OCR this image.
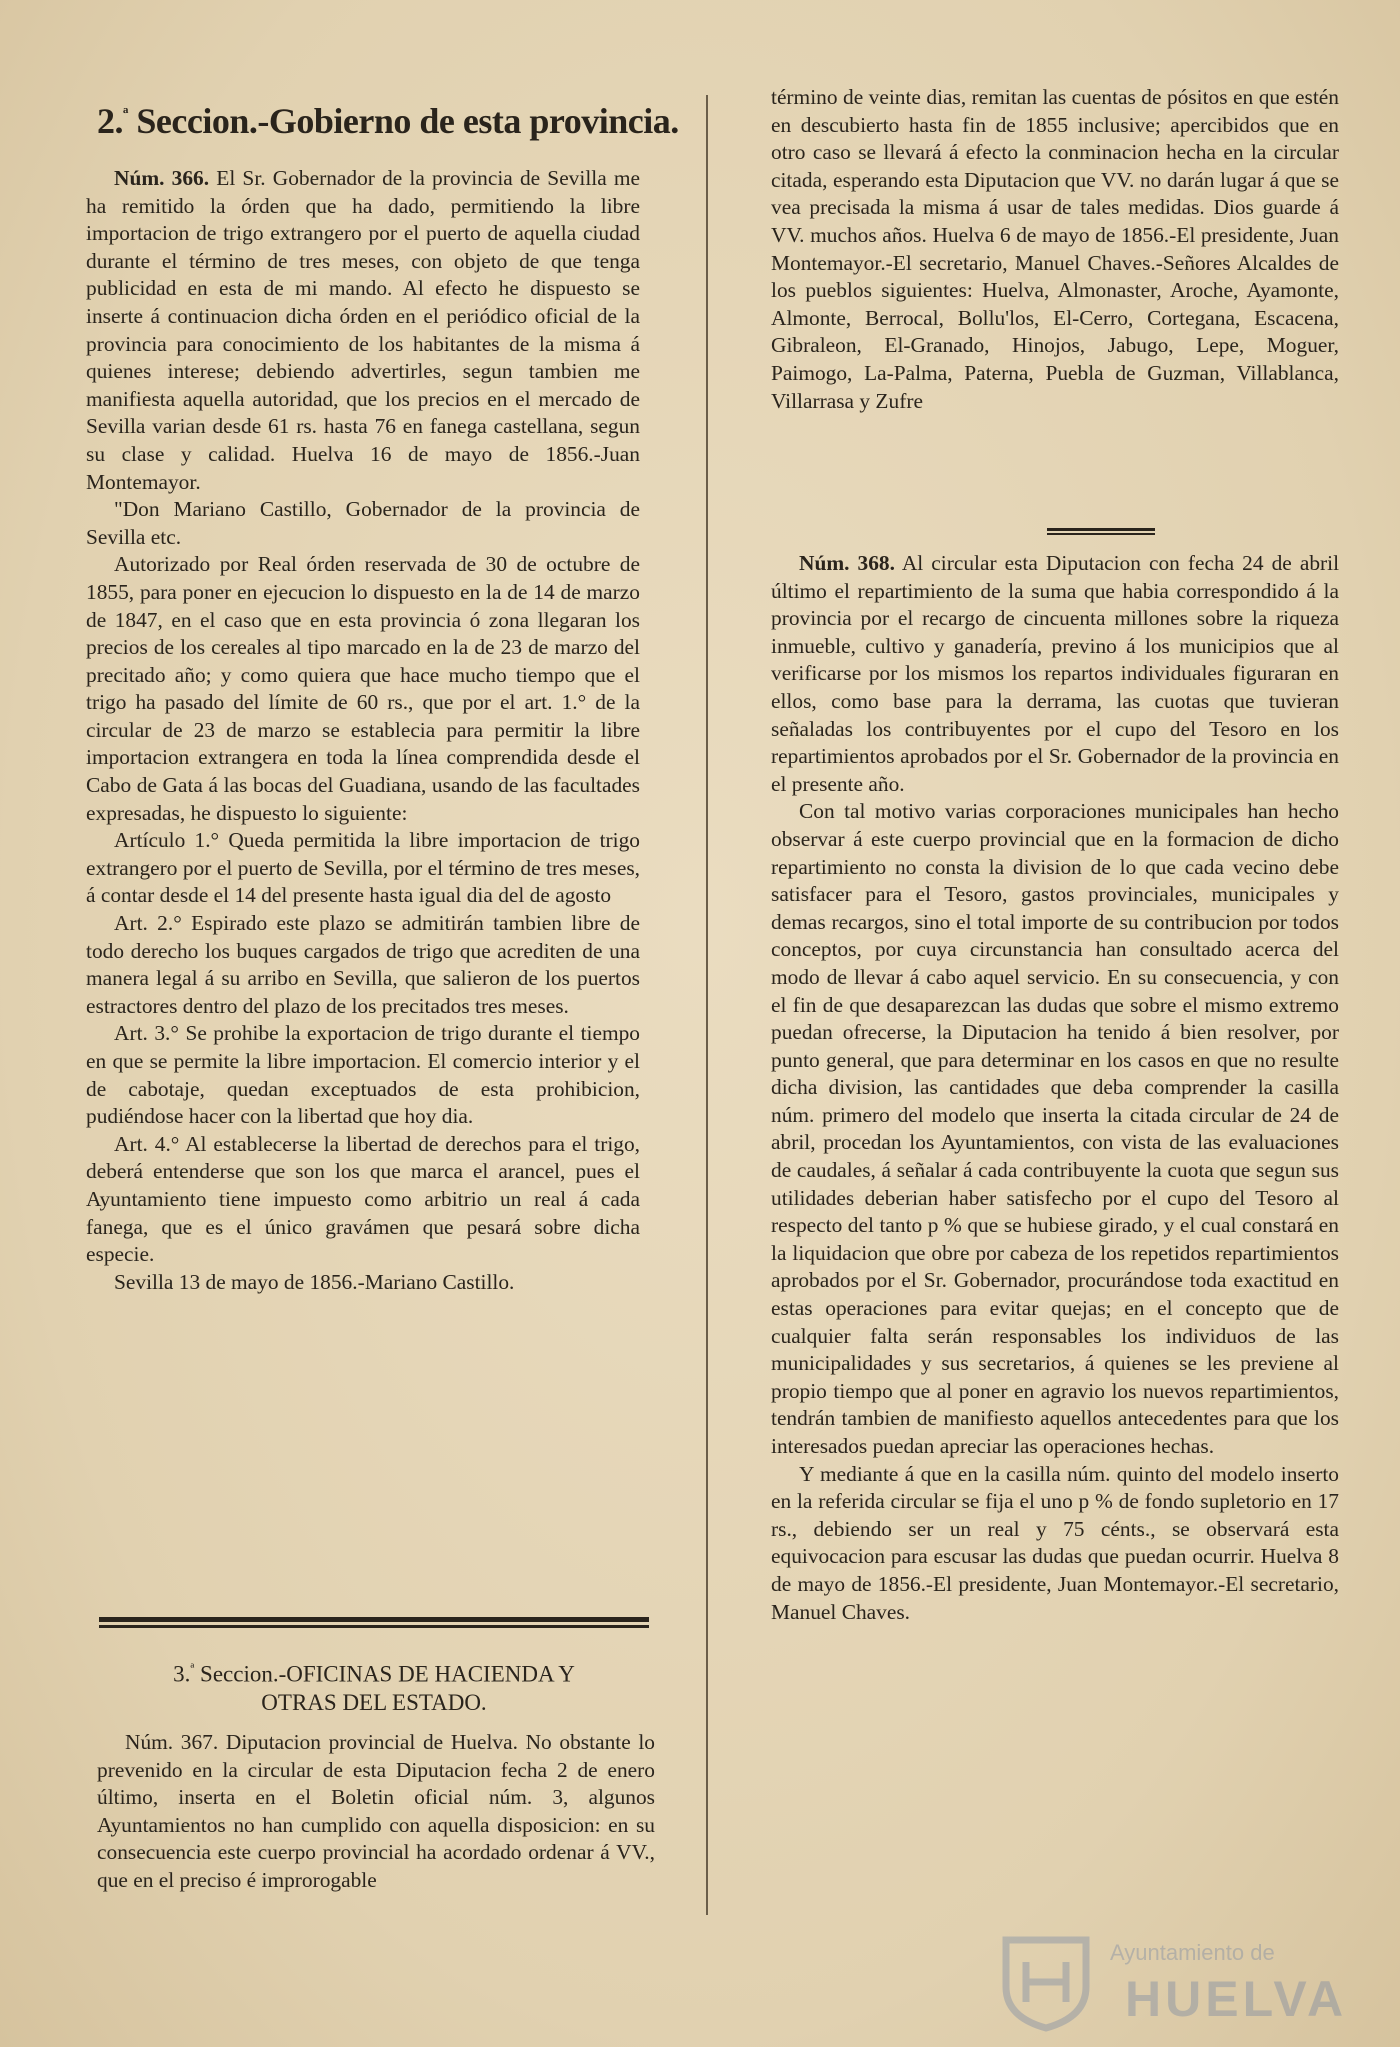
2.$^ª$ Seccion.-Gobierno de esta provincia.

Núm. 366. El Sr. Gobernador de la provincia de Sevilla me ha remitido la órden que ha dado, permitiendo la libre importacion de trigo extrangero por el puerto de aquella ciudad durante el término de tres meses, con objeto de que tenga publicidad en esta de mi mando. Al efecto he dispuesto se inserte á continuacion dicha órden en el periódico oficial de la provincia para conocimiento de los habitantes de la misma á quienes interese; debiendo advertirles, segun tambien me manifiesta aquella autoridad, que los precios en el mercado de Sevilla varian desde 61 rs. hasta 76 en fanega castellana, segun su clase y calidad. Huelva 16 de mayo de 1856.-Juan Montemayor.

"Don Mariano Castillo, Gobernador de la provincia de Sevilla etc.

Autorizado por Real órden reservada de 30 de octubre de 1855, para poner en ejecucion lo dispuesto en la de 14 de marzo de 1847, en el caso que en esta provincia ó zona llegaran los precios de los cereales al tipo marcado en la de 23 de marzo del precitado año; y como quiera que hace mucho tiempo que el trigo ha pasado del límite de 60 rs., que por el art. 1.° de la circular de 23 de marzo se establecia para permitir la libre importacion extrangera en toda la línea comprendida desde el Cabo de Gata á las bocas del Guadiana, usando de las facultades expresadas, he dispuesto lo siguiente:

Artículo 1.° Queda permitida la libre importacion de trigo extrangero por el puerto de Sevilla, por el término de tres meses, á contar desde el 14 del presente hasta igual dia del de agosto

Art. 2.° Espirado este plazo se admitirán tambien libre de todo derecho los buques cargados de trigo que acrediten de una manera legal á su arribo en Sevilla, que salieron de los puertos estractores dentro del plazo de los precitados tres meses.

Art. 3.° Se prohibe la exportacion de trigo durante el tiempo en que se permite la libre importacion. El comercio interior y el de cabotaje, quedan exceptuados de esta prohibicion, pudiéndose hacer con la libertad que hoy dia.

Art. 4.° Al establecerse la libertad de derechos para el trigo, deberá entenderse que son los que marca el arancel, pues el Ayuntamiento tiene impuesto como arbitrio un real á cada fanega, que es el único gravámen que pesará sobre dicha especie.

Sevilla 13 de mayo de 1856.-Mariano Castillo.

3.$^ª$ Seccion.-OFICINAS DE HACIENDA Y
OTRAS DEL ESTADO.

Núm. 367. Diputacion provincial de Huelva. No obstante lo prevenido en la circular de esta Diputacion fecha 2 de enero último, inserta en el Boletin oficial núm. 3, algunos Ayuntamientos no han cumplido con aquella disposicion: en su consecuencia este cuerpo provincial ha acordado ordenar á VV., que en el preciso é improrogable

término de veinte dias, remitan las cuentas de pósitos en que estén en descubierto hasta fin de 1855 inclusive; apercibidos que en otro caso se llevará á efecto la conminacion hecha en la circular citada, esperando esta Diputacion que VV. no darán lugar á que se vea precisada la misma á usar de tales medidas. Dios guarde á VV. muchos años. Huelva 6 de mayo de 1856.-El presidente, Juan Montemayor.-El secretario, Manuel Chaves.-Señores Alcaldes de los pueblos siguientes: Huelva, Almonaster, Aroche, Ayamonte, Almonte, Berrocal, Bollu'los, El-Cerro, Cortegana, Escacena, Gibraleon, El-Granado, Hinojos, Jabugo, Lepe, Moguer, Paimogo, La-Palma, Paterna, Puebla de Guzman, Villablanca, Villarrasa y Zufre

Núm. 368. Al circular esta Diputacion con fecha 24 de abril último el repartimiento de la suma que habia correspondido á la provincia por el recargo de cincuenta millones sobre la riqueza inmueble, cultivo y ganadería, previno á los municipios que al verificarse por los mismos los repartos individuales figuraran en ellos, como base para la derrama, las cuotas que tuvieran señaladas los contribuyentes por el cupo del Tesoro en los repartimientos aprobados por el Sr. Gobernador de la provincia en el presente año.

Con tal motivo varias corporaciones municipales han hecho observar á este cuerpo provincial que en la formacion de dicho repartimiento no consta la division de lo que cada vecino debe satisfacer para el Tesoro, gastos provinciales, municipales y demas recargos, sino el total importe de su contribucion por todos conceptos, por cuya circunstancia han consultado acerca del modo de llevar á cabo aquel servicio. En su consecuencia, y con el fin de que desaparezcan las dudas que sobre el mismo extremo puedan ofrecerse, la Diputacion ha tenido á bien resolver, por punto general, que para determinar en los casos en que no resulte dicha division, las cantidades que deba comprender la casilla núm. primero del modelo que inserta la citada circular de 24 de abril, procedan los Ayuntamientos, con vista de las evaluaciones de caudales, á señalar á cada contribuyente la cuota que segun sus utilidades deberian haber satisfecho por el cupo del Tesoro al respecto del tanto p % que se hubiese girado, y el cual constará en la liquidacion que obre por cabeza de los repetidos repartimientos aprobados por el Sr. Gobernador, procurándose toda exactitud en estas operaciones para evitar quejas; en el concepto que de cualquier falta serán responsables los individuos de las municipalidades y sus secretarios, á quienes se les previene al propio tiempo que al poner en agravio los nuevos repartimientos, tendrán tambien de manifiesto aquellos antecedentes para que los interesados puedan apreciar las operaciones hechas.

Y mediante á que en la casilla núm. quinto del modelo inserto en la referida circular se fija el uno p % de fondo supletorio en 17 rs., debiendo ser un real y 75 cénts., se observará esta equivocacion para escusar las dudas que puedan ocurrir. Huelva 8 de mayo de 1856.-El presidente, Juan Montemayor.-El secretario, Manuel Chaves.

Ayuntamiento de
HUELVA
